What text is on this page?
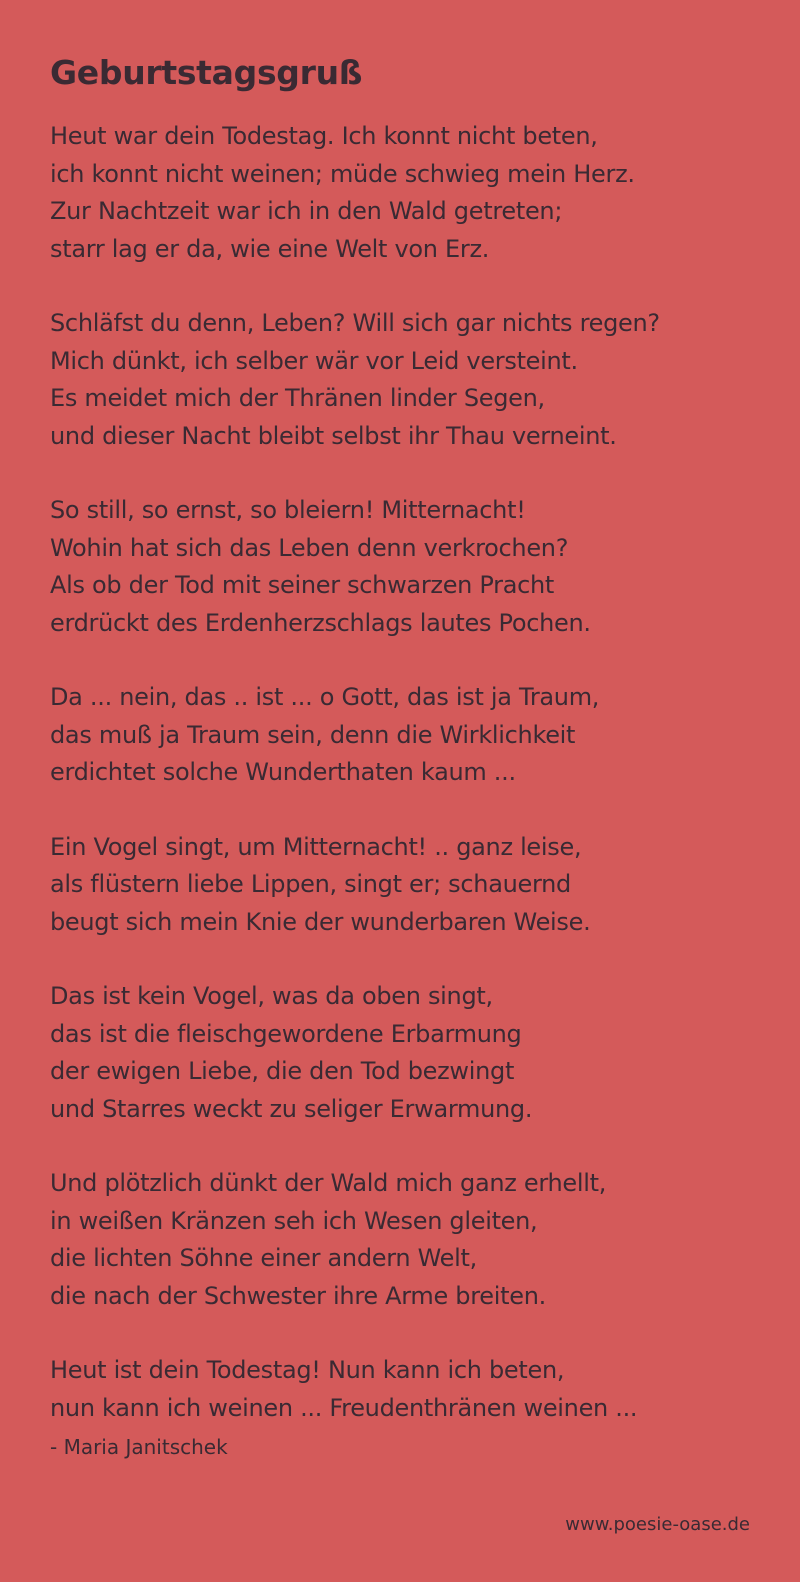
Geburtstagsgruß
Heut war dein Todestag. Ich konnt nicht beten,
ich konnt nicht weinen; müde schwieg mein Herz.
Zur Nachtzeit war ich in den Wald getreten;
starr lag er da, wie eine Welt von Erz.
Schläfst du denn, Leben? Will sich gar nichts regen?
Mich dünkt, ich selber wär vor Leid versteint.
Es meidet mich der Thränen linder Segen,
und dieser Nacht bleibt selbst ihr Thau verneint.
So still, so ernst, so bleiern! Mitternacht!
Wohin hat sich das Leben denn verkrochen?
Als ob der Tod mit seiner schwarzen Pracht
erdrückt des Erdenherzschlags lautes Pochen.
Da ... nein, das .. ist ... o Gott, das ist ja Traum,
das muß ja Traum sein, denn die Wirklichkeit
erdichtet solche Wunderthaten kaum ...
Ein Vogel singt, um Mitternacht! .. ganz leise,
als flüstern liebe Lippen, singt er; schauernd
beugt sich mein Knie der wunderbaren Weise.
Das ist kein Vogel, was da oben singt,
das ist die fleischgewordene Erbarmung
der ewigen Liebe, die den Tod bezwingt
und Starres weckt zu seliger Erwarmung.
Und plötzlich dünkt der Wald mich ganz erhellt,
in weißen Kränzen seh ich Wesen gleiten,
die lichten Söhne einer andern Welt,
die nach der Schwester ihre Arme breiten.
Heut ist dein Todestag! Nun kann ich beten,
nun kann ich weinen ... Freudenthränen weinen ...
- Maria Janitschek
www.poesie-oase.de
